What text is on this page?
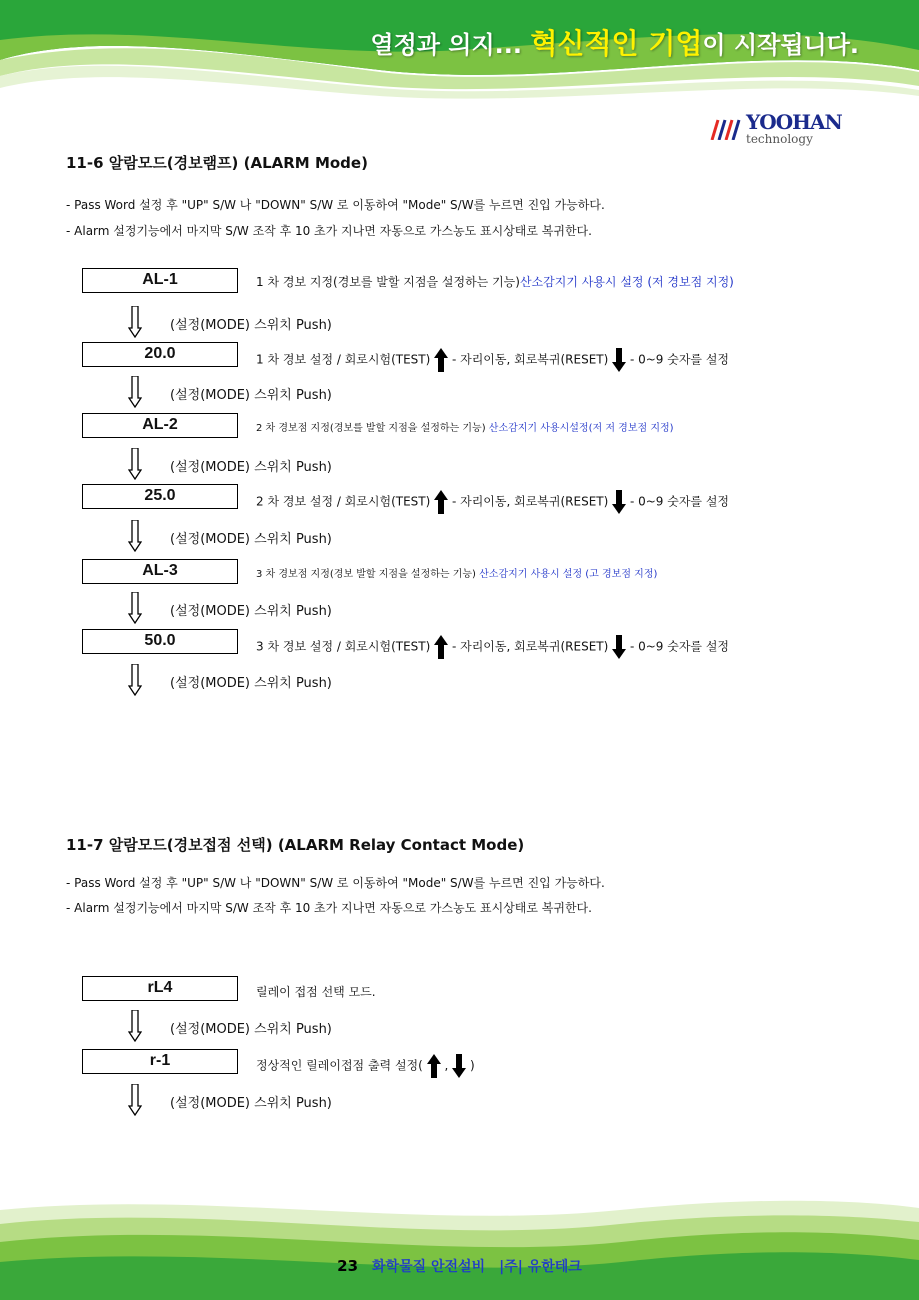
열정과 의지... 혁신적인 기업이 시작됩니다.
YOOHAN
technology
11-6 알람모드(경보램프) (ALARM Mode)
- Pass Word 설정 후 "UP" S/W 나 "DOWN" S/W 로 이동하여 "Mode" S/W를 누르면 진입 가능하다.
- Alarm 설정기능에서 마지막 S/W 조작 후 10 초가 지나면 자동으로 가스농도 표시상태로 복귀한다.
AL-1	1 차 경보 지정(경보를 발할 지점을 설정하는 기능)산소감지기 사용시 설정 (저 경보점 지정)
(설정(MODE) 스위치 Push)
20.0	1 차 경보 설정 / 회로시험(TEST)  - 자리이동, 회로복귀(RESET)  - 0~9 숫자를 설정
(설정(MODE) 스위치 Push)
AL-2	2 차 경보점 지정(경보를 발할 지점을 설정하는 기능) 산소감지기 사용시설정(저 저 경보점 지정)
(설정(MODE) 스위치 Push)
25.0	2 차 경보 설정 / 회로시험(TEST)  - 자리이동, 회로복귀(RESET)  - 0~9 숫자를 설정
(설정(MODE) 스위치 Push)
AL-3	3 차 경보점 지정(경보 발할 지점을 설정하는 기능) 산소감지기 사용시 설정 (고 경보점 지정)
(설정(MODE) 스위치 Push)
50.0	3 차 경보 설정 / 회로시험(TEST)  - 자리이동, 회로복귀(RESET)  - 0~9 숫자를 설정
(설정(MODE) 스위치 Push)
11-7 알람모드(경보접점 선택) (ALARM Relay Contact Mode)
- Pass Word 설정 후 "UP" S/W 나 "DOWN" S/W 로 이동하여 "Mode" S/W를 누르면 진입 가능하다.
- Alarm 설정기능에서 마지막 S/W 조작 후 10 초가 지나면 자동으로 가스농도 표시상태로 복귀한다.
rL4	릴레이 접점 선택 모드.
(설정(MODE) 스위치 Push)
r-1	정상적인 릴레이접점 출력 설정(  ,  )
(설정(MODE) 스위치 Push)
23 화학물질 안전설비 |주| 유한테크
